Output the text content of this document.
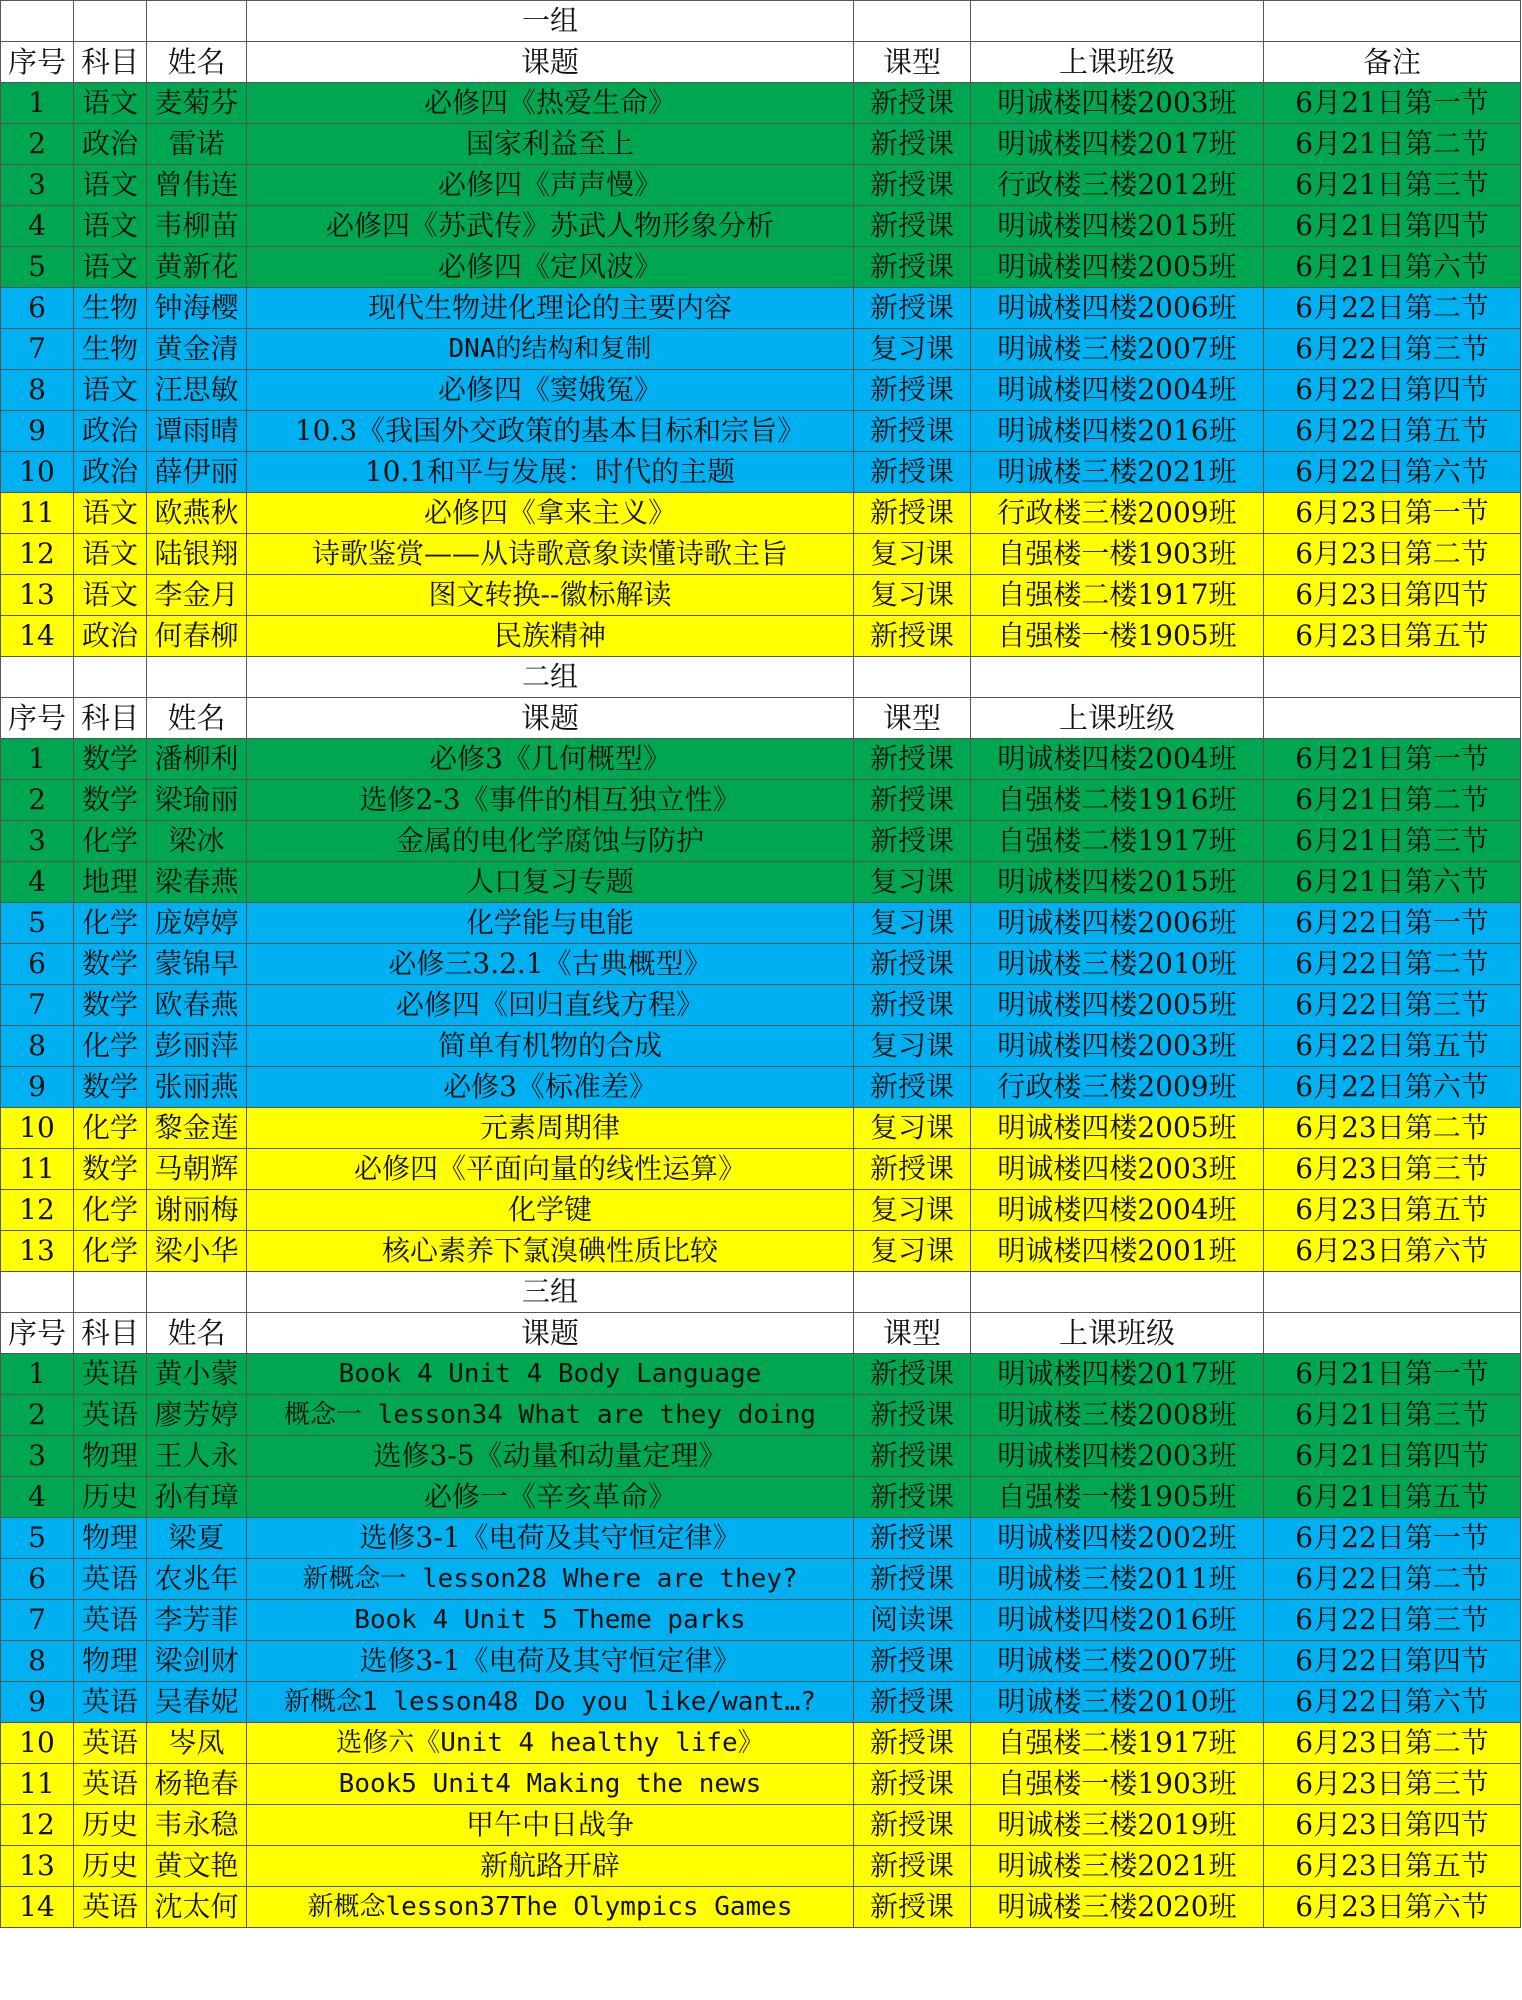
			一组			
序号	科目	姓名	课题	课型	上课班级	备注
1	语文	麦菊芬	必修四《热爱生命》	新授课	明诚楼四楼2003班	6月21日第一节
2	政治	雷诺	国家利益至上	新授课	明诚楼四楼2017班	6月21日第二节
3	语文	曾伟连	必修四《声声慢》	新授课	行政楼三楼2012班	6月21日第三节
4	语文	韦柳苗	必修四《苏武传》苏武人物形象分析	新授课	明诚楼四楼2015班	6月21日第四节
5	语文	黄新花	必修四《定风波》	新授课	明诚楼四楼2005班	6月21日第六节
6	生物	钟海樱	现代生物进化理论的主要内容	新授课	明诚楼四楼2006班	6月22日第二节
7	生物	黄金清	DNA的结构和复制	复习课	明诚楼三楼2007班	6月22日第三节
8	语文	汪思敏	必修四《窦娥冤》	新授课	明诚楼四楼2004班	6月22日第四节
9	政治	谭雨晴	10.3《我国外交政策的基本目标和宗旨》	新授课	明诚楼四楼2016班	6月22日第五节
10	政治	薛伊丽	10.1和平与发展：时代的主题	新授课	明诚楼三楼2021班	6月22日第六节
11	语文	欧燕秋	必修四《拿来主义》	新授课	行政楼三楼2009班	6月23日第一节
12	语文	陆银翔	诗歌鉴赏——从诗歌意象读懂诗歌主旨	复习课	自强楼一楼1903班	6月23日第二节
13	语文	李金月	图文转换--徽标解读	复习课	自强楼二楼1917班	6月23日第四节
14	政治	何春柳	民族精神	新授课	自强楼一楼1905班	6月23日第五节
			二组			
序号	科目	姓名	课题	课型	上课班级	
1	数学	潘柳利	必修3《几何概型》	新授课	明诚楼四楼2004班	6月21日第一节
2	数学	梁瑜丽	选修2-3《事件的相互独立性》	新授课	自强楼二楼1916班	6月21日第二节
3	化学	梁冰	金属的电化学腐蚀与防护	新授课	自强楼二楼1917班	6月21日第三节
4	地理	梁春燕	人口复习专题	复习课	明诚楼四楼2015班	6月21日第六节
5	化学	庞婷婷	化学能与电能	复习课	明诚楼四楼2006班	6月22日第一节
6	数学	蒙锦早	必修三3.2.1《古典概型》	新授课	明诚楼三楼2010班	6月22日第二节
7	数学	欧春燕	必修四《回归直线方程》	新授课	明诚楼四楼2005班	6月22日第三节
8	化学	彭丽萍	简单有机物的合成	复习课	明诚楼四楼2003班	6月22日第五节
9	数学	张丽燕	必修3《标准差》	新授课	行政楼三楼2009班	6月22日第六节
10	化学	黎金莲	元素周期律	复习课	明诚楼四楼2005班	6月23日第二节
11	数学	马朝辉	必修四《平面向量的线性运算》	新授课	明诚楼四楼2003班	6月23日第三节
12	化学	谢丽梅	化学键	复习课	明诚楼四楼2004班	6月23日第五节
13	化学	梁小华	核心素养下氯溴碘性质比较	复习课	明诚楼四楼2001班	6月23日第六节
			三组			
序号	科目	姓名	课题	课型	上课班级	
1	英语	黄小蒙	Book 4 Unit 4 Body Language	新授课	明诚楼四楼2017班	6月21日第一节
2	英语	廖芳婷	概念一 lesson34 What are they doing	新授课	明诚楼三楼2008班	6月21日第三节
3	物理	王人永	选修3-5《动量和动量定理》	新授课	明诚楼四楼2003班	6月21日第四节
4	历史	孙有璋	必修一《辛亥革命》	新授课	自强楼一楼1905班	6月21日第五节
5	物理	梁夏	选修3-1《电荷及其守恒定律》	新授课	明诚楼四楼2002班	6月22日第一节
6	英语	农兆年	新概念一 lesson28 Where are they?	新授课	明诚楼三楼2011班	6月22日第二节
7	英语	李芳菲	Book 4 Unit 5 Theme parks	阅读课	明诚楼四楼2016班	6月22日第三节
8	物理	梁剑财	选修3-1《电荷及其守恒定律》	新授课	明诚楼三楼2007班	6月22日第四节
9	英语	吴春妮	新概念1 lesson48 Do you like/want…?	新授课	明诚楼三楼2010班	6月22日第六节
10	英语	岑凤	选修六《Unit 4 healthy life》	新授课	自强楼二楼1917班	6月23日第二节
11	英语	杨艳春	Book5 Unit4 Making the news	新授课	自强楼一楼1903班	6月23日第三节
12	历史	韦永稳	甲午中日战争	新授课	明诚楼三楼2019班	6月23日第四节
13	历史	黄文艳	新航路开辟	新授课	明诚楼三楼2021班	6月23日第五节
14	英语	沈太何	新概念lesson37The Olympics Games	新授课	明诚楼三楼2020班	6月23日第六节
